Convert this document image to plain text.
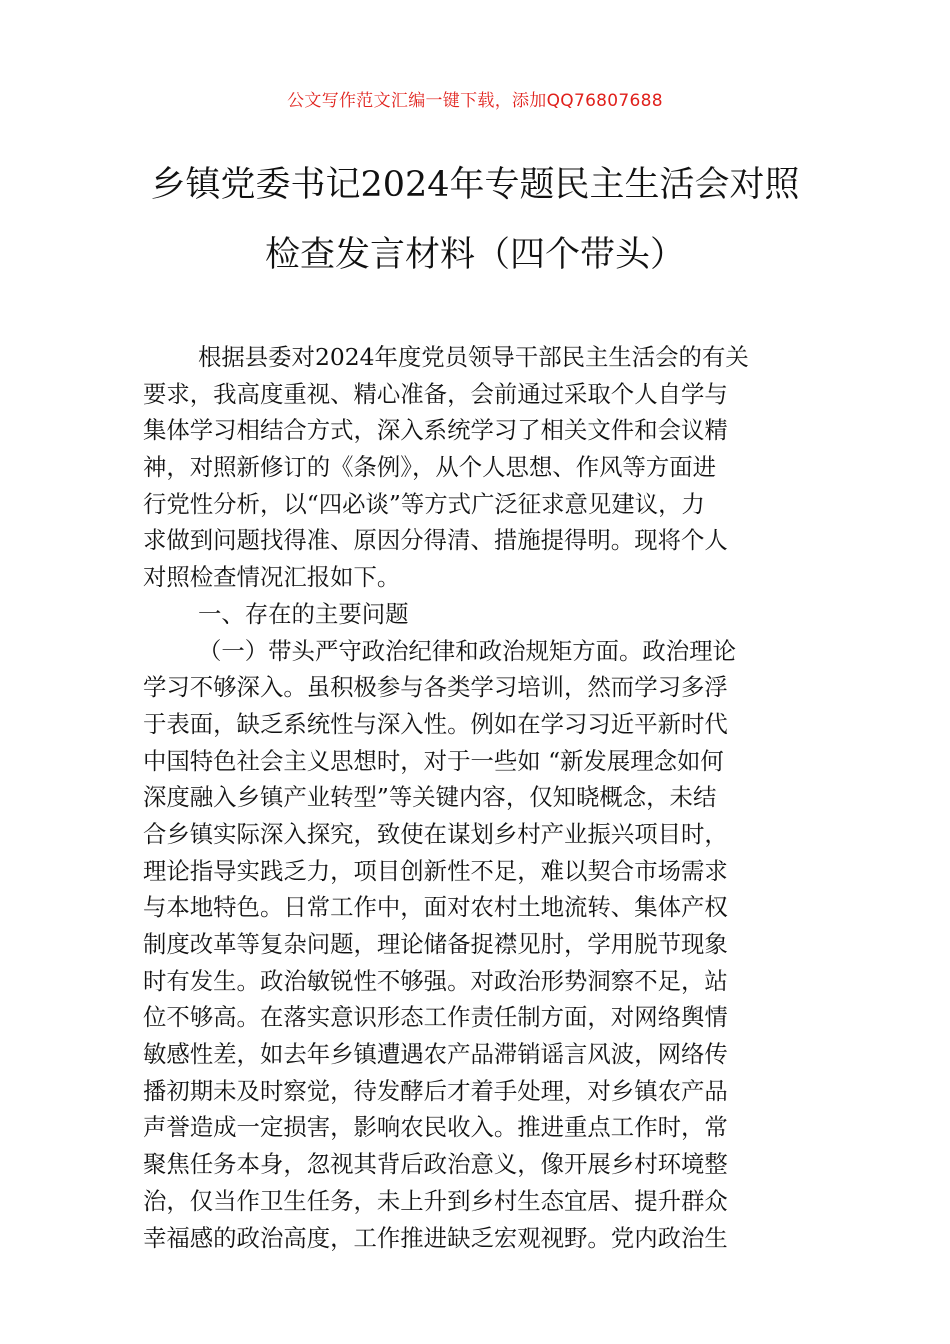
公文写作范文汇编一键下载，添加QQ76807688
乡镇党委书记2024年专题民主生活会对照
检查发言材料（四个带头）
根据县委对2024年度党员领导干部民主生活会的有关
要求，我高度重视、精心准备，会前通过采取个人自学与
集体学习相结合方式，深入系统学习了相关文件和会议精
神，对照新修订的《条例》，从个人思想、作风等方面进
行党性分析，以“四必谈”等方式广泛征求意见建议，力
求做到问题找得准、原因分得清、措施提得明。现将个人
对照检查情况汇报如下。
一、存在的主要问题
（一）带头严守政治纪律和政治规矩方面。政治理论
学习不够深入。虽积极参与各类学习培训，然而学习多浮
于表面，缺乏系统性与深入性。例如在学习习近平新时代
中国特色社会主义思想时，对于一些如 “新发展理念如何
深度融入乡镇产业转型”等关键内容，仅知晓概念，未结
合乡镇实际深入探究，致使在谋划乡村产业振兴项目时，
理论指导实践乏力，项目创新性不足，难以契合市场需求
与本地特色。日常工作中，面对农村土地流转、集体产权
制度改革等复杂问题，理论储备捉襟见肘，学用脱节现象
时有发生。政治敏锐性不够强。对政治形势洞察不足，站
位不够高。在落实意识形态工作责任制方面，对网络舆情
敏感性差，如去年乡镇遭遇农产品滞销谣言风波，网络传
播初期未及时察觉，待发酵后才着手处理，对乡镇农产品
声誉造成一定损害，影响农民收入。推进重点工作时，常
聚焦任务本身，忽视其背后政治意义，像开展乡村环境整
治，仅当作卫生任务，未上升到乡村生态宜居、提升群众
幸福感的政治高度，工作推进缺乏宏观视野。党内政治生
